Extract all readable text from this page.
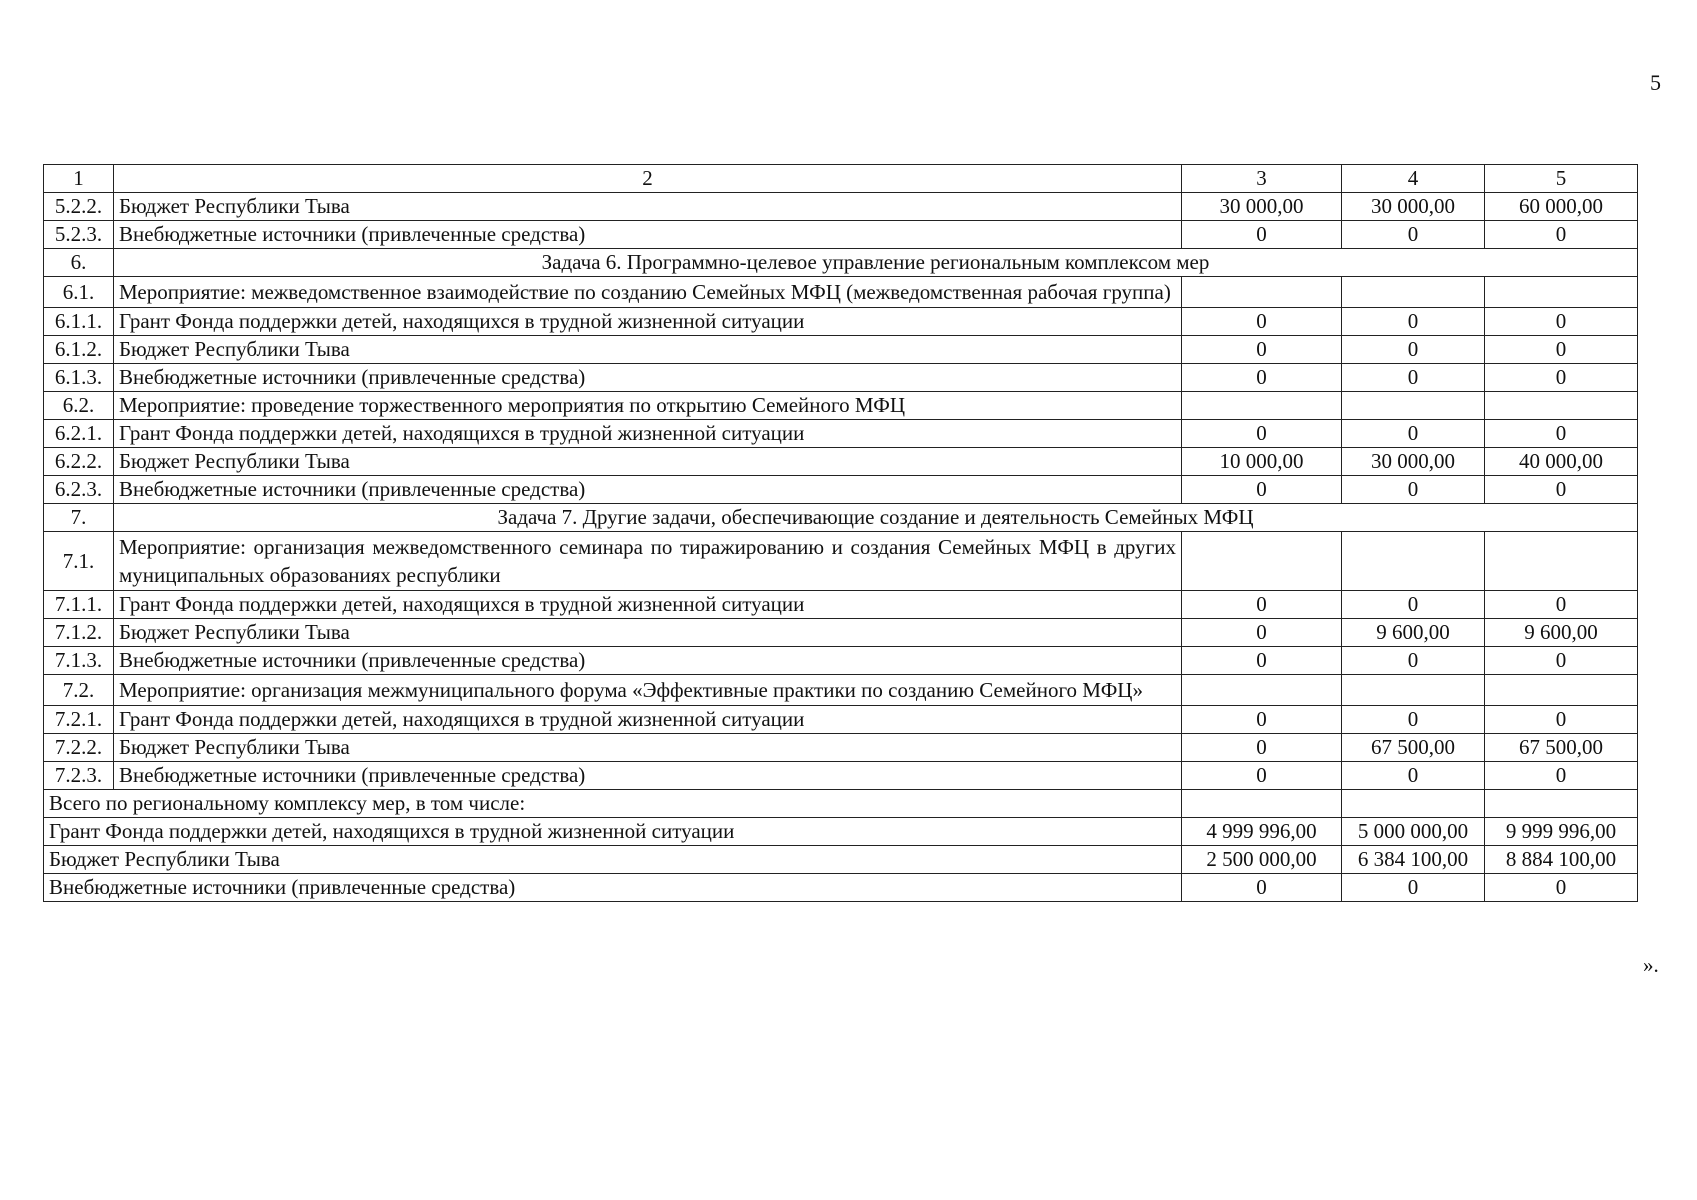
5
1	2	3	4	5
5.2.2.	Бюджет Республики Тыва	30 000,00	30 000,00	60 000,00
5.2.3.	Внебюджетные источники (привлеченные средства)	0	0	0
6.	Задача 6. Программно-целевое управление региональным комплексом мер			
6.1.	Мероприятие: межведомственное взаимодействие по созданию Семейных МФЦ (межведомственная рабочая группа)			
6.1.1.	Грант Фонда поддержки детей, находящихся в трудной жизненной ситуации	0	0	0
6.1.2.	Бюджет Республики Тыва	0	0	0
6.1.3.	Внебюджетные источники (привлеченные средства)	0	0	0
6.2.	Мероприятие: проведение торжественного мероприятия по открытию Семейного МФЦ			
6.2.1.	Грант Фонда поддержки детей, находящихся в трудной жизненной ситуации	0	0	0
6.2.2.	Бюджет Республики Тыва	10 000,00	30 000,00	40 000,00
6.2.3.	Внебюджетные источники (привлеченные средства)	0	0	0
7.	Задача 7. Другие задачи, обеспечивающие создание и деятельность Семейных МФЦ			
7.1.	Мероприятие: организация межведомственного семинара по тиражированию и создания Семейных МФЦ в других муниципальных образованиях республики			
7.1.1.	Грант Фонда поддержки детей, находящихся в трудной жизненной ситуации	0	0	0
7.1.2.	Бюджет Республики Тыва	0	9 600,00	9 600,00
7.1.3.	Внебюджетные источники (привлеченные средства)	0	0	0
7.2.	Мероприятие: организация межмуниципального форума «Эффективные практики по созданию Семейного МФЦ»			
7.2.1.	Грант Фонда поддержки детей, находящихся в трудной жизненной ситуации	0	0	0
7.2.2.	Бюджет Республики Тыва	0	67 500,00	67 500,00
7.2.3.	Внебюджетные источники (привлеченные средства)	0	0	0
Всего по региональному комплексу мер, в том числе:				
Грант Фонда поддержки детей, находящихся в трудной жизненной ситуации		4 999 996,00	5 000 000,00	9 999 996,00
Бюджет Республики Тыва		2 500 000,00	6 384 100,00	8 884 100,00
Внебюджетные источники (привлеченные средства)		0	0	0
».
